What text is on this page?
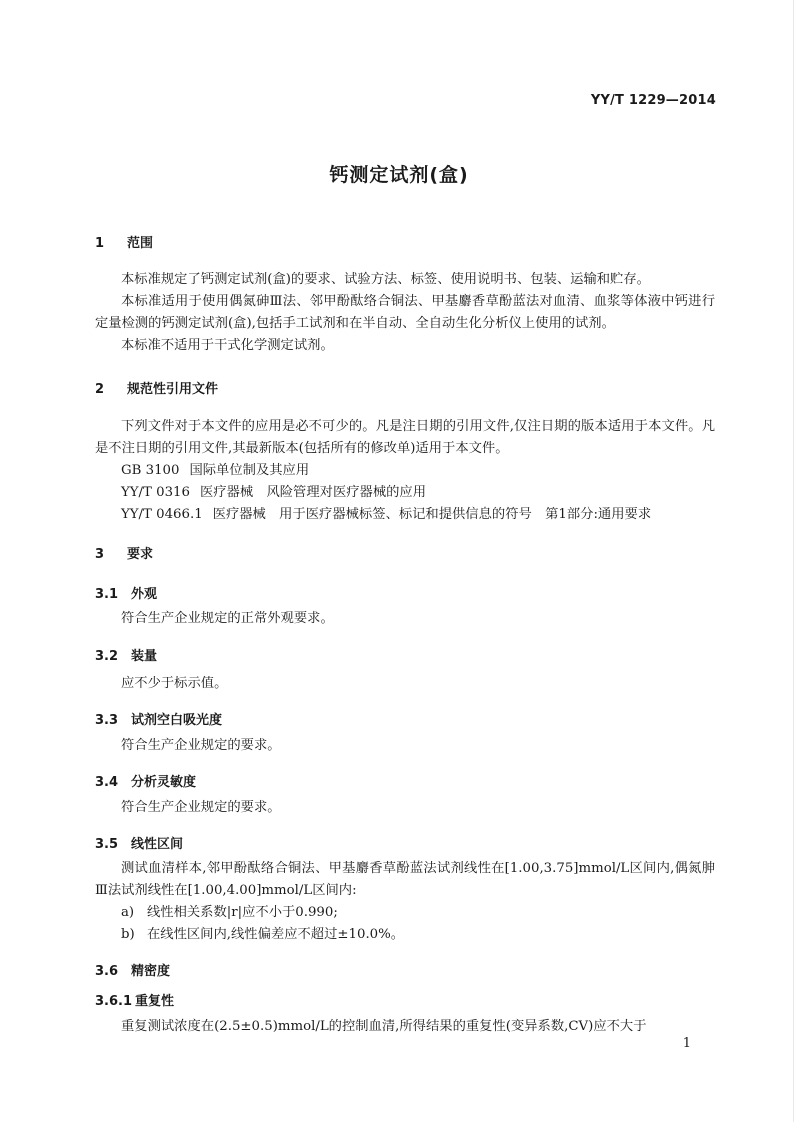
YY/T 1229—2014
钙测定试剂(盒)
1 范围

本标准规定了钙测定试剂(盒)的要求、试验方法、标签、使用说明书、包装、运输和贮存。

本标准适用于使用偶氮砷Ⅲ法、邻甲酚酞络合铜法、甲基麝香草酚蓝法对血清、血浆等体液中钙进行定量检测的钙测定试剂(盒),包括手工试剂和在半自动、全自动生化分析仪上使用的试剂。

本标准不适用于干式化学测定试剂。

2 规范性引用文件

下列文件对于本文件的应用是必不可少的。凡是注日期的引用文件,仅注日期的版本适用于本文件。凡是不注日期的引用文件,其最新版本(包括所有的修改单)适用于本文件。

GB 3100 国际单位制及其应用

YY/T 0316 医疗器械　风险管理对医疗器械的应用

YY/T 0466.1 医疗器械　用于医疗器械标签、标记和提供信息的符号　第1部分:通用要求

3 要求
3.1 外观

符合生产企业规定的正常外观要求。

3.2 装量

应不少于标示值。

3.3 试剂空白吸光度

符合生产企业规定的要求。

3.4 分析灵敏度

符合生产企业规定的要求。

3.5 线性区间

测试血清样本,邻甲酚酞络合铜法、甲基麝香草酚蓝法试剂线性在[1.00,3.75]mmol/L区间内,偶氮胂Ⅲ法试剂线性在[1.00,4.00]mmol/L区间内:

a) 线性相关系数|r|应不小于0.990;

b) 在线性区间内,线性偏差应不超过±10.0%。

3.6 精密度
3.6.1 重复性

重复测试浓度在(2.5±0.5)mmol/L的控制血清,所得结果的重复性(变异系数,CV)应不大于

1
